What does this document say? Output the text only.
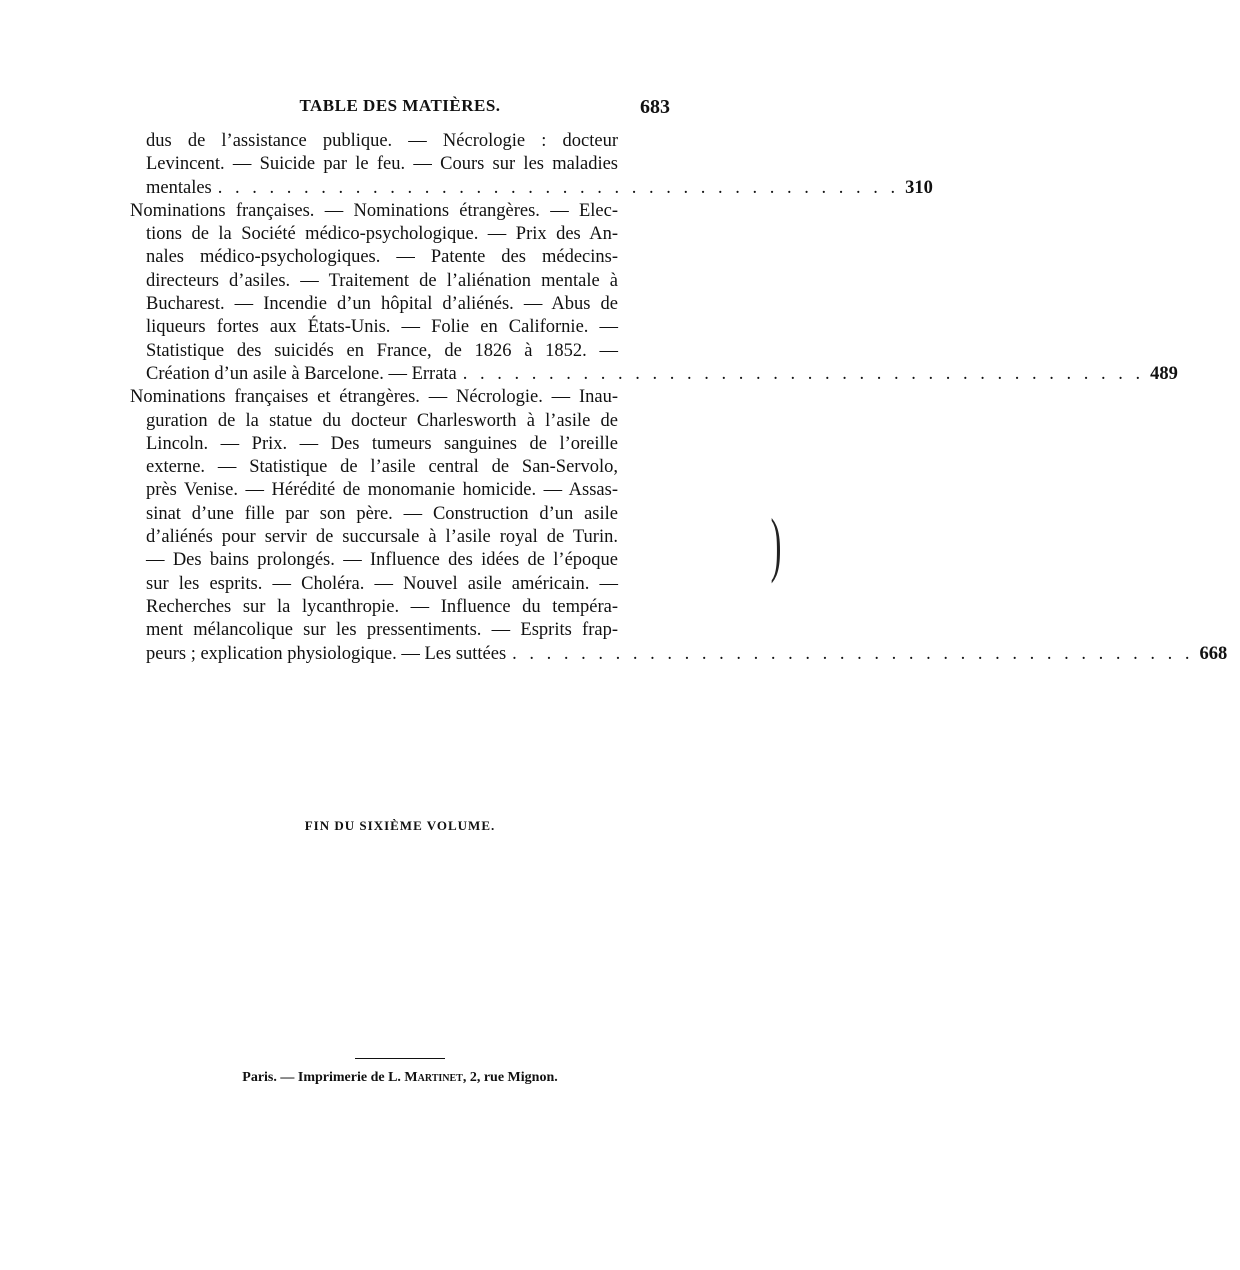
TABLE DES MATIÈRES.	683
dus de l’assistance publique. — Nécrologie : docteur
Levincent. — Suicide par le feu. — Cours sur les maladies
mentales . . . . . . . . . . . . . . . . . . . . . . . . . . . . . . . . . . . . . . . . 310
Nominations françaises. — Nominations étrangères. — Elec-
tions de la Société médico-psychologique. — Prix des An-
nales médico-psychologiques. — Patente des médecins-
directeurs d’asiles. — Traitement de l’aliénation mentale à
Bucharest. — Incendie d’un hôpital d’aliénés. — Abus de
liqueurs fortes aux États-Unis. — Folie en Californie. —
Statistique des suicidés en France, de 1826 à 1852. —
Création d’un asile à Barcelone. — Errata . . . . . . . . . . . . . . . . . . . . . . . . . . . . . . . . . . . . . . . . 489
Nominations françaises et étrangères. — Nécrologie. — Inau-
guration de la statue du docteur Charlesworth à l’asile de
Lincoln. — Prix. — Des tumeurs sanguines de l’oreille
externe. — Statistique de l’asile central de San-Servolo,
près Venise. — Hérédité de monomanie homicide. — Assas-
sinat d’une fille par son père. — Construction d’un asile
d’aliénés pour servir de succursale à l’asile royal de Turin.
— Des bains prolongés. — Influence des idées de l’époque
sur les esprits. — Choléra. — Nouvel asile américain. —
Recherches sur la lycanthropie. — Influence du tempéra-
ment mélancolique sur les pressentiments. — Esprits frap-
peurs ; explication physiologique. — Les suttées . . . . . . . . . . . . . . . . . . . . . . . . . . . . . . . . . . . . . . . . 668
)
FIN DU SIXIÈME VOLUME.
Paris. — Imprimerie de L. Martinet, 2, rue Mignon.
